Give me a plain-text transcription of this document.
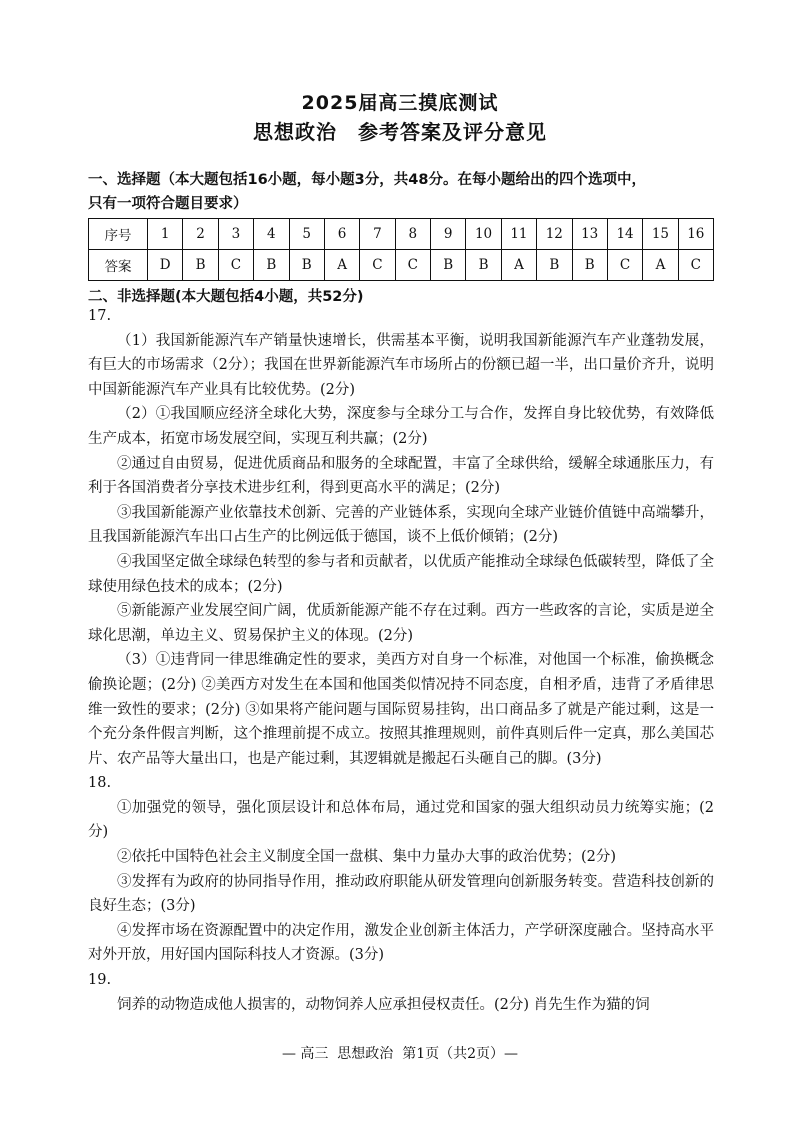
2025届高三摸底测试
思想政治　参考答案及评分意见
一、选择题（本大题包括16小题，每小题3分，共48分。在每小题给出的四个选项中，
只有一项符合题目要求）
序号	1	2	3	4	5	6	7	8	9	10	11	12	13	14	15	16
答案	D	B	C	B	B	A	C	C	B	B	A	B	B	C	A	C
二、非选择题(本大题包括4小题，共52分)

17.

（1）我国新能源汽车产销量快速增长，供需基本平衡，说明我国新能源汽车产业蓬勃发展，有巨大的市场需求（2分）；我国在世界新能源汽车市场所占的份额已超一半，出口量价齐升，说明中国新能源汽车产业具有比较优势。(2分)

（2）①我国顺应经济全球化大势，深度参与全球分工与合作，发挥自身比较优势，有效降低生产成本，拓宽市场发展空间，实现互利共赢；(2分)

②通过自由贸易，促进优质商品和服务的全球配置，丰富了全球供给，缓解全球通胀压力，有利于各国消费者分享技术进步红利，得到更高水平的满足；(2分)

③我国新能源产业依靠技术创新、完善的产业链体系，实现向全球产业链价值链中高端攀升，且我国新能源汽车出口占生产的比例远低于德国，谈不上低价倾销；(2分)

④我国坚定做全球绿色转型的参与者和贡献者，以优质产能推动全球绿色低碳转型，降低了全球使用绿色技术的成本；(2分)

⑤新能源产业发展空间广阔，优质新能源产能不存在过剩。西方一些政客的言论，实质是逆全球化思潮，单边主义、贸易保护主义的体现。(2分)

（3）①违背同一律思维确定性的要求，美西方对自身一个标准，对他国一个标准，偷换概念偷换论题；(2分) ②美西方对发生在本国和他国类似情况持不同态度，自相矛盾，违背了矛盾律思维一致性的要求；(2分) ③如果将产能问题与国际贸易挂钩，出口商品多了就是产能过剩，这是一个充分条件假言判断，这个推理前提不成立。按照其推理规则，前件真则后件一定真，那么美国芯片、农产品等大量出口，也是产能过剩，其逻辑就是搬起石头砸自己的脚。(3分)

18.

①加强党的领导，强化顶层设计和总体布局，通过党和国家的强大组织动员力统筹实施；(2分)

②依托中国特色社会主义制度全国一盘棋、集中力量办大事的政治优势；(2分)

③发挥有为政府的协同指导作用，推动政府职能从研发管理向创新服务转变。营造科技创新的良好生态；(3分)

④发挥市场在资源配置中的决定作用，激发企业创新主体活力，产学研深度融合。坚持高水平对外开放，用好国内国际科技人才资源。(3分)

19.

饲养的动物造成他人损害的，动物饲养人应承担侵权责任。(2分) 肖先生作为猫的饲

— 高三  思想政治  第1页（共2页）—
